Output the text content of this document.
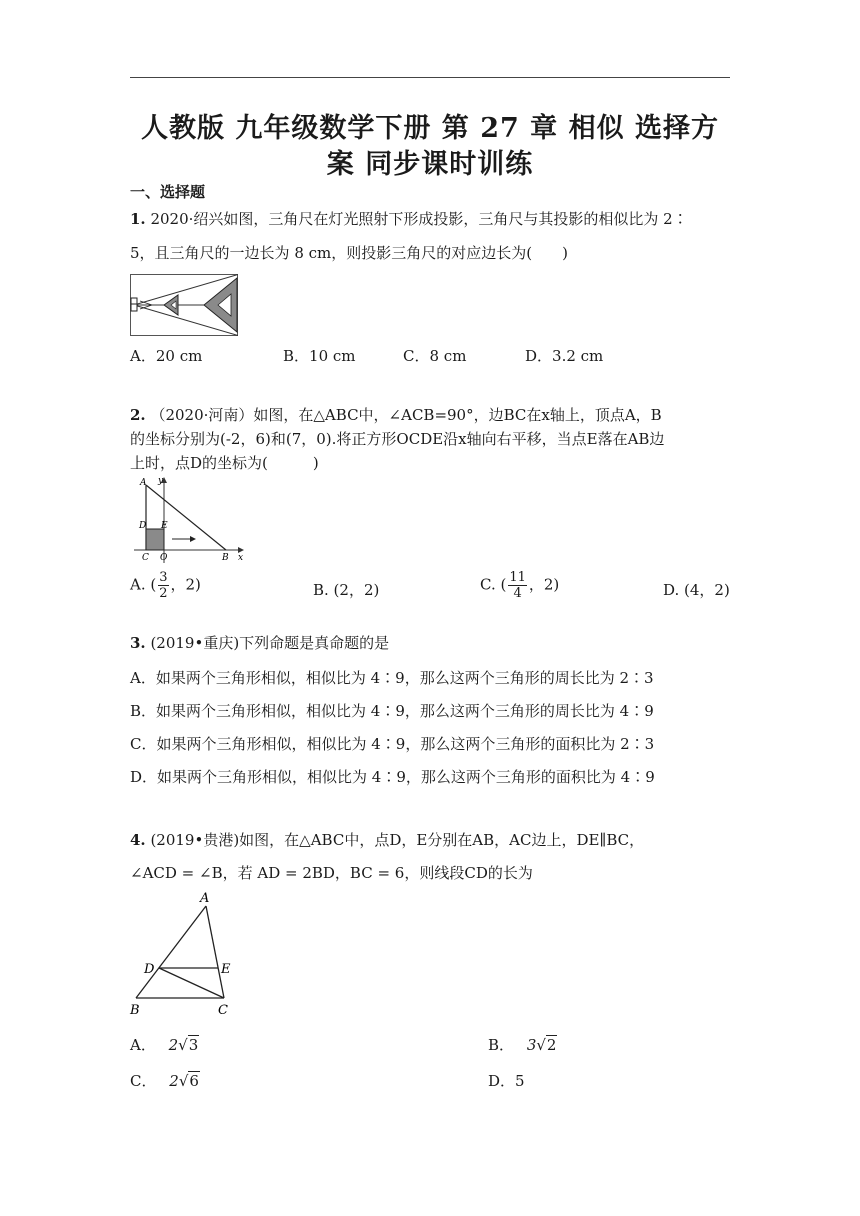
人教版 九年级数学下册 第 27 章 相似 选择方
案 同步课时训练
一、选择题
1. 2020·绍兴如图，三角尺在灯光照射下形成投影，三角尺与其投影的相似比为 2∶
5，且三角尺的一边长为 8 cm，则投影三角尺的对应边长为(　　)
A．20 cm	B．10 cm	C．8 cm	D．3.2 cm
2. （2020·河南）如图，在△ABC中，∠ACB=90°，边BC在x轴上，顶点A，B
的坐标分别为(-2，6)和(7，0).将正方形OCDE沿x轴向右平移，当点E落在AB边
上时，点D的坐标为(　　　)
A y
D E
C O	B x
A. ( $\frac{3}{2}$ ，2)	B. (2，2)	C. ( $\frac{11}{4}$ ，2)	D. (4，2)
3. (2019•重庆)下列命题是真命题的是
A．如果两个三角形相似，相似比为 4∶9，那么这两个三角形的周长比为 2∶3
B．如果两个三角形相似，相似比为 4∶9，那么这两个三角形的周长比为 4∶9
C．如果两个三角形相似，相似比为 4∶9，那么这两个三角形的面积比为 2∶3
D．如果两个三角形相似，相似比为 4∶9，那么这两个三角形的面积比为 4∶9
4. (2019•贵港)如图，在△ABC中，点D，E分别在AB，AC边上，DE∥BC，
∠ACD = ∠B，若 AD = 2BD，BC = 6，则线段CD的长为
A
D	E
B	C
A． 2√3	B． 3√2
C． 2√6	D．5
